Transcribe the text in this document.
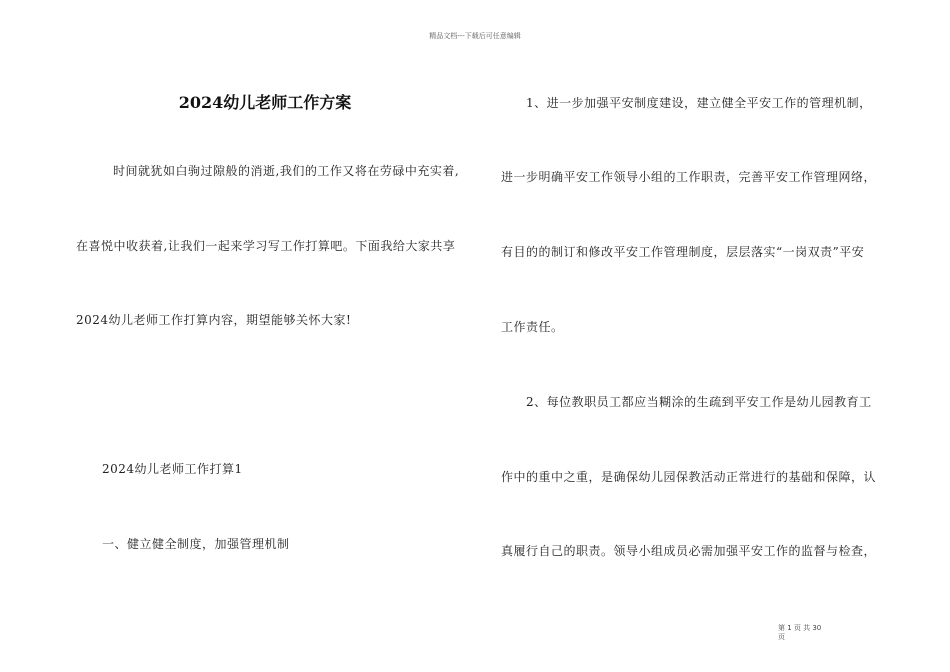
精品文档---下载后可任意编辑
2024幼儿老师工作方案
时间就犹如白驹过隙般的消逝,我们的工作又将在劳碌中充实着,
在喜悦中收获着,让我们一起来学习写工作打算吧。下面我给大家共享
2024幼儿老师工作打算内容，期望能够关怀大家!
2024幼儿老师工作打算1
一、健立健全制度，加强管理机制
1、进一步加强平安制度建设，建立健全平安工作的管理机制，
进一步明确平安工作领导小组的工作职责，完善平安工作管理网络，
有目的的制订和修改平安工作管理制度，层层落实“一岗双责”平安
工作责任。
2、每位教职员工都应当糊涂的生疏到平安工作是幼儿园教育工
作中的重中之重，是确保幼儿园保教活动正常进行的基础和保障，认
真履行自己的职责。领导小组成员必需加强平安工作的监督与检查，
第 1 页 共 30
页
